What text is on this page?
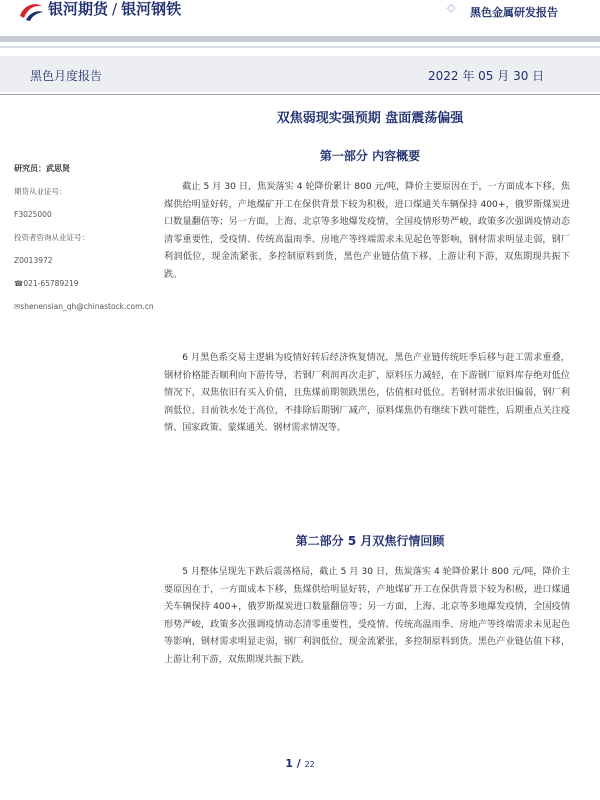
银河期货 / 银河钢铁	◇ 黑色金属研发报告
黑色月度报告	2022 年 05 月 30 日
研究员：武思贤
期货从业证号：
F3025000
投资者咨询从业证号：
Z0013972
☎021-65789219
✉shenensian_qh@chinastock.com.cn
双焦弱现实强预期 盘面震荡偏强
第一部分 内容概要

截止 5 月 30 日，焦炭落实 4 轮降价累计 800 元/吨，降价主要原因在于，一方面成本下移，焦煤供给明显好转，产地煤矿开工在保供背景下较为积极，进口煤通关车辆保持 400+，俄罗斯煤炭进口数量翻倍等；另一方面，上海、北京等多地爆发疫情，全国疫情形势严峻，政策多次强调疫情动态清零重要性，受疫情、传统高温雨季、房地产等终端需求未见起色等影响，钢材需求明显走弱，钢厂利润低位，现金流紧张，多控制原料到货，黑色产业链估值下移，上游让利下游，双焦期现共振下跌。

6 月黑色系交易主逻辑为疫情好转后经济恢复情况，黑色产业链传统旺季后移与赶工需求重叠，钢材价格能否顺利向下游传导，若钢厂利润再次走扩，原料压力减轻，在下游钢厂原料库存绝对低位情况下，双焦依旧有买入价值，且焦煤前期领跌黑色，估值相对低位。若钢材需求依旧偏弱，钢厂利润低位，目前铁水处于高位，不排除后期钢厂减产，原料煤焦仍有继续下跌可能性，后期重点关注疫情、国家政策、蒙煤通关、钢材需求情况等。

第二部分 5 月双焦行情回顾

5 月整体呈现先下跌后震荡格局，截止 5 月 30 日，焦炭落实 4 轮降价累计 800 元/吨，降价主要原因在于，一方面成本下移，焦煤供给明显好转，产地煤矿开工在保供背景下较为积极，进口煤通关车辆保持 400+，俄罗斯煤炭进口数量翻倍等；另一方面，上海、北京等多地爆发疫情，全国疫情形势严峻，政策多次强调疫情动态清零重要性，受疫情、传统高温雨季、房地产等终端需求未见起色等影响，钢材需求明显走弱，钢厂利润低位，现金流紧张，多控制原料到货。黑色产业链估值下移，上游让利下游，双焦期现共振下跌。

1 / 22
